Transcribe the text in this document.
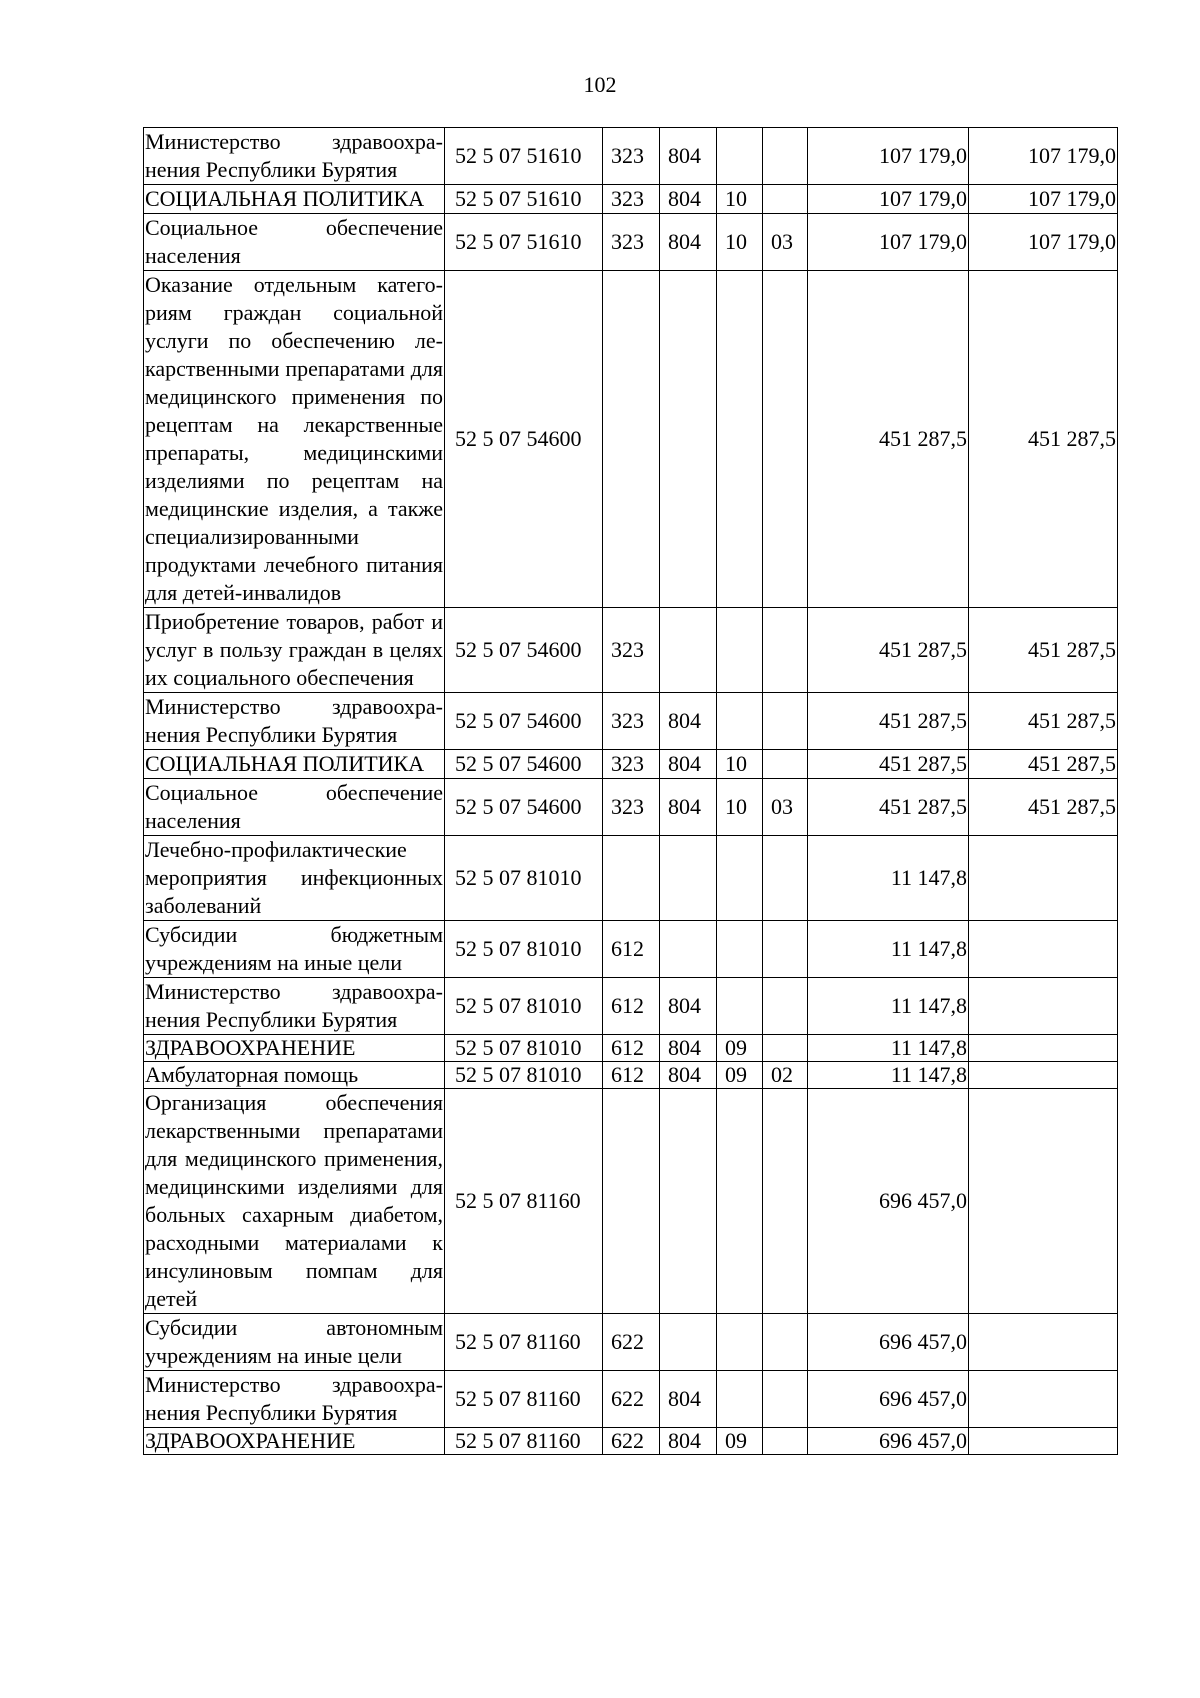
102
Министерство здравоохранения Республики Бурятия	52 5 07 51610	323	804			107 179,0	107 179,0
СОЦИАЛЬНАЯ ПОЛИТИКА	52 5 07 51610	323	804	10		107 179,0	107 179,0
Социальное обеспечение населения	52 5 07 51610	323	804	10	03	107 179,0	107 179,0
Оказание отдельным категориям граждан социальной услуги по обеспечению лекарственными препаратами для медицинского применения по рецептам на лекарственные препараты, медицинскими изделиями по рецептам на медицинские изделия, а также специализированными продуктами лечебного питания для детей-инвалидов	52 5 07 54600					451 287,5	451 287,5
Приобретение товаров, работ и услуг в пользу граждан в целях их социального обеспечения	52 5 07 54600	323				451 287,5	451 287,5
Министерство здравоохранения Республики Бурятия	52 5 07 54600	323	804			451 287,5	451 287,5
СОЦИАЛЬНАЯ ПОЛИТИКА	52 5 07 54600	323	804	10		451 287,5	451 287,5
Социальное обеспечение населения	52 5 07 54600	323	804	10	03	451 287,5	451 287,5
Лечебно-профилактические мероприятия инфекционных заболеваний	52 5 07 81010					11 147,8	
Субсидии бюджетным учреждениям на иные цели	52 5 07 81010	612				11 147,8	
Министерство здравоохранения Республики Бурятия	52 5 07 81010	612	804			11 147,8	
ЗДРАВООХРАНЕНИЕ	52 5 07 81010	612	804	09		11 147,8	
Амбулаторная помощь	52 5 07 81010	612	804	09	02	11 147,8	
Организация обеспечения лекарственными препаратами для медицинского применения, медицинскими изделиями для больных сахарным диабетом, расходными материалами к инсулиновым помпам для детей	52 5 07 81160					696 457,0	
Субсидии автономным учреждениям на иные цели	52 5 07 81160	622				696 457,0	
Министерство здравоохранения Республики Бурятия	52 5 07 81160	622	804			696 457,0	
ЗДРАВООХРАНЕНИЕ	52 5 07 81160	622	804	09		696 457,0	
